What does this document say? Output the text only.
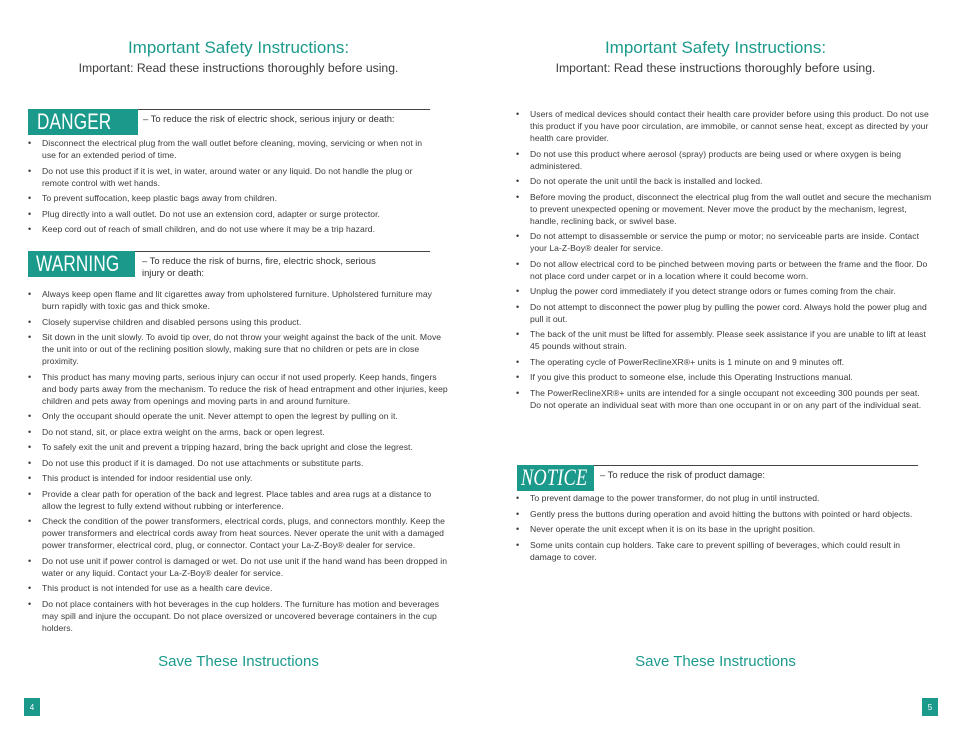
Important Safety Instructions:

Important: Read these instructions thoroughly before using.

DANGER	– To reduce the risk of electric shock, serious injury or death:
• Disconnect the electrical plug from the wall outlet before cleaning, moving, servicing or when not in use for an extended period of time.
• Do not use this product if it is wet, in water, around water or any liquid. Do not handle the plug or remote control with wet hands.
• To prevent suffocation, keep plastic bags away from children.
• Plug directly into a wall outlet. Do not use an extension cord, adapter or surge protector.
• Keep cord out of reach of small children, and do not use where it may be a trip hazard.
WARNING – To reduce the risk of burns, fire, electric shock, serious injury or death:
• Always keep open flame and lit cigarettes away from upholstered furniture. Upholstered furniture may burn rapidly with toxic gas and thick smoke.
• Closely supervise children and disabled persons using this product.
• Sit down in the unit slowly. To avoid tip over, do not throw your weight against the back of the unit. Move the unit into or out of the reclining position slowly, making sure that no children or pets are in close proximity.
• This product has many moving parts, serious injury can occur if not used properly. Keep hands, fingers and body parts away from the mechanism. To reduce the risk of head entrapment and other injuries, keep children and pets away from openings and moving parts in and around furniture.
• Only the occupant should operate the unit. Never attempt to open the legrest by pulling on it.
• Do not stand, sit, or place extra weight on the arms, back or open legrest.
• To safely exit the unit and prevent a tripping hazard, bring the back upright and close the legrest.
• Do not use this product if it is damaged. Do not use attachments or substitute parts.
• This product is intended for indoor residential use only.
• Provide a clear path for operation of the back and legrest. Place tables and area rugs at a distance to allow the legrest to fully extend without rubbing or interference.
• Check the condition of the power transformers, electrical cords, plugs, and connectors monthly. Keep the power transformers and electrical cords away from heat sources. Never operate the unit with a damaged power transformer, electrical cord, plug, or connector. Contact your La-Z-Boy® dealer for service.
• Do not use unit if power control is damaged or wet. Do not use unit if the hand wand has been dropped in water or any liquid. Contact your La-Z-Boy® dealer for service.
• This product is not intended for use as a health care device.
• Do not place containers with hot beverages in the cup holders. The furniture has motion and beverages may spill and injure the occupant. Do not place oversized or uncovered beverage containers in the cup holders.

Save These Instructions

4
Important Safety Instructions:

Important: Read these instructions thoroughly before using.

• Users of medical devices should contact their health care provider before using this product. Do not use this product if you have poor circulation, are immobile, or cannot sense heat, except as directed by your health care provider.
• Do not use this product where aerosol (spray) products are being used or where oxygen is being administered.
• Do not operate the unit until the back is installed and locked.
• Before moving the product, disconnect the electrical plug from the wall outlet and secure the mechanism to prevent unexpected opening or movement. Never move the product by the mechanism, legrest, handle, reclining back, or swivel base.
• Do not attempt to disassemble or service the pump or motor; no serviceable parts are inside. Contact your La-Z-Boy® dealer for service.
• Do not allow electrical cord to be pinched between moving parts or between the frame and the floor. Do not place cord under carpet or in a location where it could become worn.
• Unplug the power cord immediately if you detect strange odors or fumes coming from the chair.
• Do not attempt to disconnect the power plug by pulling the power cord. Always hold the power plug and pull it out.
• The back of the unit must be lifted for assembly. Please seek assistance if you are unable to lift at least 45 pounds without strain.
• The operating cycle of PowerReclineXR®+ units is 1 minute on and 9 minutes off.
• If you give this product to someone else, include this Operating Instructions manual.
• The PowerReclineXR®+ units are intended for a single occupant not exceeding 300 pounds per seat. Do not operate an individual seat with more than one occupant in or on any part of the individual seat.
NOTICE – To reduce the risk of product damage:
• To prevent damage to the power transformer, do not plug in until instructed.
• Gently press the buttons during operation and avoid hitting the buttons with pointed or hard objects.
• Never operate the unit except when it is on its base in the upright position.
• Some units contain cup holders. Take care to prevent spilling of beverages, which could result in damage to cover.

Save These Instructions

5
